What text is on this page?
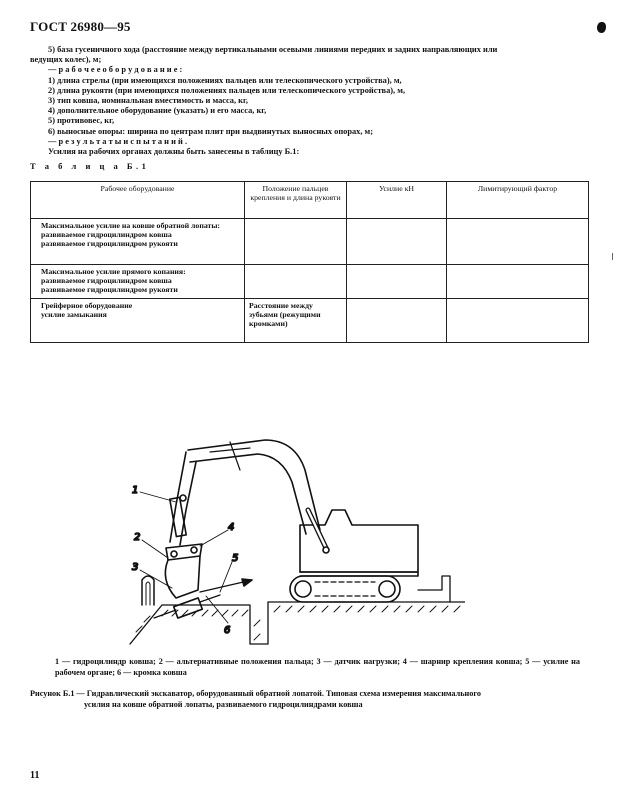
ГОСТ 26980—95
5) база гусеничного хода (расстояние между вертикальными осевыми линиями передних и задних направляющих или
ведущих колес), м;
— р а б о ч е е о б о р у д о в а н и е :
1) длина стрелы (при имеющихся положениях пальцев или телескопического устройства), м,
2) длина рукояти (при имеющихся положениях пальцев или телескопического устройства), м,
3) тип ковша, номинальная вместимость и масса, кг,
4) дополнительное оборудование (указать) и его масса, кг,
5) противовес, кг,
6) выносные опоры: ширина по центрам плит при выдвинутых выносных опорах, м;
— р е з у л ь т а т ы и с п ы т а н и й .
Усилия на рабочих органах должны быть занесены в таблицу Б.1:
Т а б л и ц а Б.1
Рабочее оборудование	Положение пальцев крепления и длина рукояти	Усилие кН	Лимитирующий фактор

Максимальное усилие на ковше обратной лопаты:
развиваемое гидроцилиндром ковша
развиваемое гидроцилиндром рукояти			

Максимальное усилие прямого копания:
развиваемое гидроцилиндром ковша
развиваемое гидроцилиндром рукояти			

Грейферное оборудование
усилие замыкания	Расстояние между зубьями (режущими кромками)		
1
2
3
4
5
6
1 — гидроцилиндр ковша; 2 — альтернативные положения пальца; 3 — датчик нагрузки; 4 — шарнир крепления ковша; 5 — усилие на рабочем органе; 6 — кромка ковша
Рисунок Б.1 — Гидравлический экскаватор, оборудованный обратной лопатой. Типовая схема измерения максимального
усилия на ковше обратной лопаты, развиваемого гидроцилиндрами ковша
11
